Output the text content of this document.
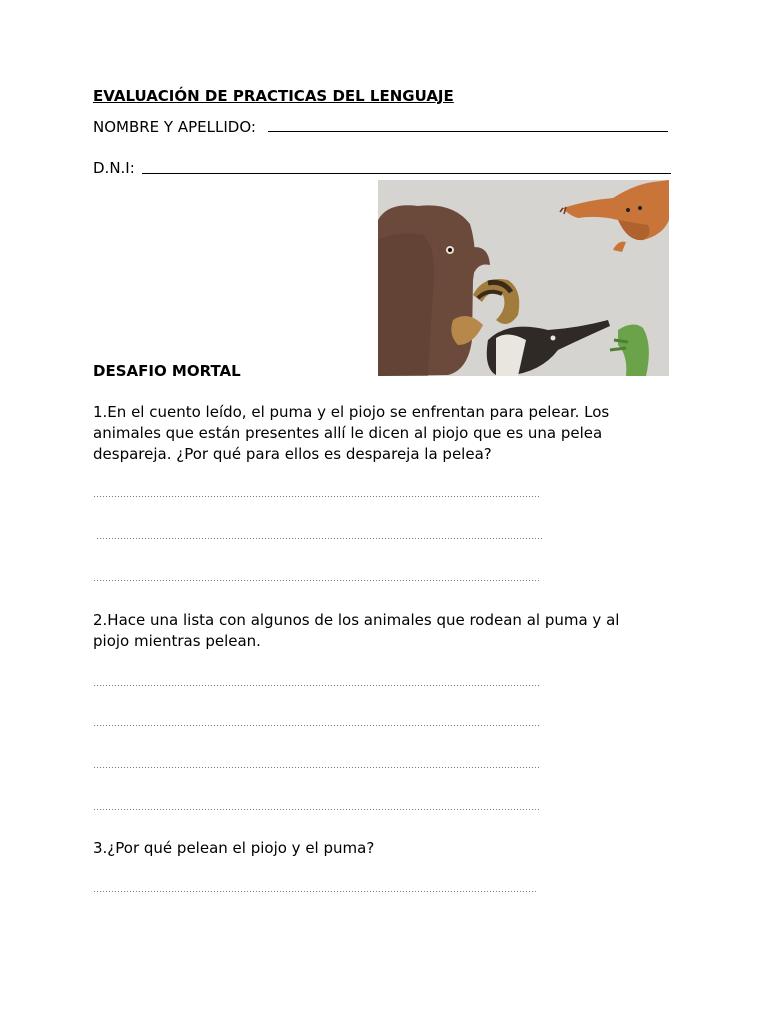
EVALUACIÓN DE PRACTICAS DEL LENGUAJE
NOMBRE Y APELLIDO:
D.N.I:
DESAFIO MORTAL
1.En el cuento leído, el puma y el piojo se enfrentan para pelear. Los animales que están presentes allí le dicen al piojo que es una pelea despareja. ¿Por qué para ellos es despareja la pelea?
2.Hace una lista con algunos de los animales que rodean al puma y al piojo mientras pelean.
3.¿Por qué pelean el piojo y el puma?
